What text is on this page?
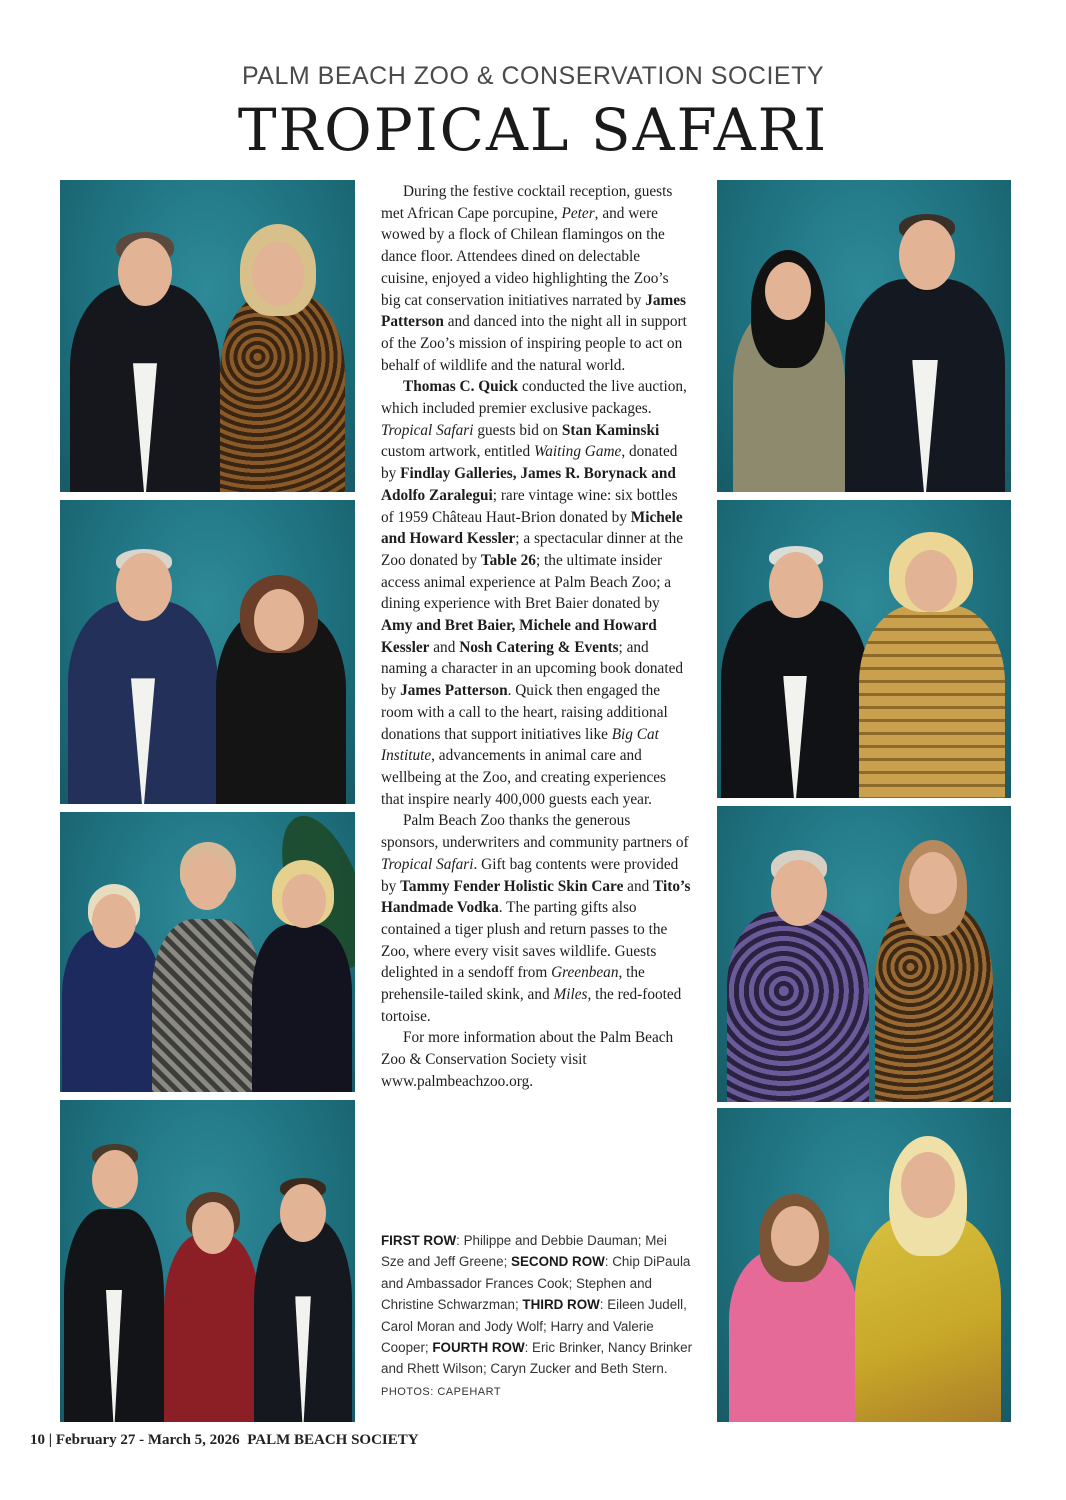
PALM BEACH ZOO & CONSERVATION SOCIETY
TROPICAL SAFARI

During the festive cocktail reception, guests met African Cape porcupine, Peter, and were wowed by a flock of Chilean flamingos on the dance floor. Attendees dined on delectable cuisine, enjoyed a video highlighting the Zoo’s big cat conservation initiatives narrated by James Patterson and danced into the night all in support of the Zoo’s mission of inspiring people to act on behalf of wildlife and the natural world.

Thomas C. Quick conducted the live auction, which included premier exclusive packages. Tropical Safari guests bid on Stan Kaminski custom artwork, entitled Waiting Game, donated by Findlay Galleries, James R. Borynack and Adolfo Zaralegui; rare vintage wine: six bottles of 1959 Château Haut-Brion donated by Michele and Howard Kessler; a spectacular dinner at the Zoo donated by Table 26; the ultimate insider access animal experience at Palm Beach Zoo; a dining experience with Bret Baier donated by Amy and Bret Baier, Michele and Howard Kessler and Nosh Catering & Events; and naming a character in an upcoming book donated by James Patterson. Quick then engaged the room with a call to the heart, raising additional donations that support initiatives like Big Cat Institute, advancements in animal care and wellbeing at the Zoo, and creating experiences that inspire nearly 400,000 guests each year.

Palm Beach Zoo thanks the generous sponsors, underwriters and community partners of Tropical Safari. Gift bag contents were provided by Tammy Fender Holistic Skin Care and Tito’s Handmade Vodka. The parting gifts also contained a tiger plush and return passes to the Zoo, where every visit saves wildlife. Guests delighted in a sendoff from Greenbean, the prehensile-tailed skink, and Miles, the red-footed tortoise.

For more information about the Palm Beach Zoo & Conservation Society visit www.palmbeachzoo.org.

FIRST ROW: Philippe and Debbie Dauman; Mei Sze and Jeff Greene; SECOND ROW: Chip DiPaula and Ambassador Frances Cook; Stephen and Christine Schwarzman; THIRD ROW: Eileen Judell, Carol Moran and Jody Wolf; Harry and Valerie Cooper; FOURTH ROW: Eric Brinker, Nancy Brinker and Rhett Wilson; Caryn Zucker and Beth Stern. PHOTOS: CAPEHART
10 | February 27 - March 5, 2026 PALM BEACH SOCIETY
